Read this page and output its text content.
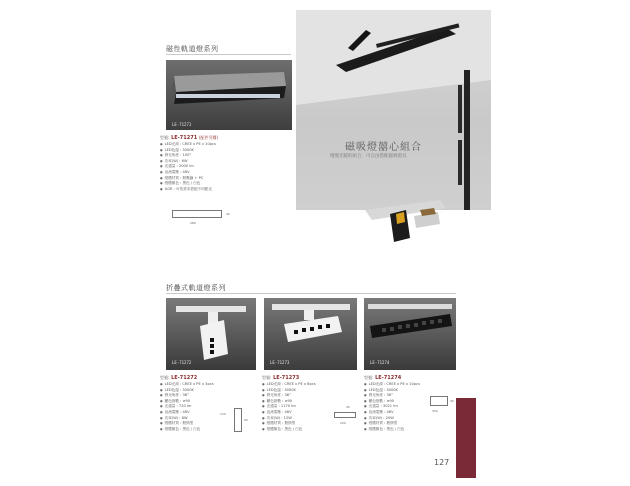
磁性軌道燈系列
LE-71271
型號: LE-71271 (配件另購)
● LED光源 : CREE x PE x 10pcs
● LED色溫 : 3000K
● 發光角度 : 100°
● 功率(W) : 6W
● 光通量 : 2000 lm
● 直流電壓 : 48V
● 燈體材質 : 鋁壓鑄 + PC
● 燈體顏色 : 黑色 / 白色
● UGR : 可依需求搭配不同配光
280
40
磁吸燈囍心組合
慢慢光暖的組合，可自由搭配磁吸燈具
折疊式軌道燈系列
LE-71272	LE-71273	LE-71274
型號: LE-71272
● LED光源 : CREE x PE x 3pcs
● LED色溫 : 3000K
● 發光角度 : 36°
● 顯色指數 : ≥90
● 光通量 : 720 lm
● 直流電壓 : 48V
● 功率(W) : 8W
● 燈體材質 : 鋁擠型
● 燈體顏色 : 黑色 / 白色
120
95
型號: LE-71273
● LED光源 : CREE x PE x 6pcs
● LED色溫 : 3000K
● 發光角度 : 36°
● 顯色指數 : ≥90
● 光通量 : 1170 lm
● 直流電壓 : 48V
● 功率(W) : 12W
● 燈體材質 : 鋁擠型
● 燈體顏色 : 黑色 / 白色
220
30
型號: LE-71274
● LED光源 : CREE x PE x 10pcs
● LED色溫 : 3000K
● 發光角度 : 36°
● 顯色指數 : ≥90
● 光通量 : 3021 lm
● 直流電壓 : 48V
● 功率(W) : 20W
● 燈體材質 : 鋁擠型
● 燈體顏色 : 黑色 / 白色
350
30
127
